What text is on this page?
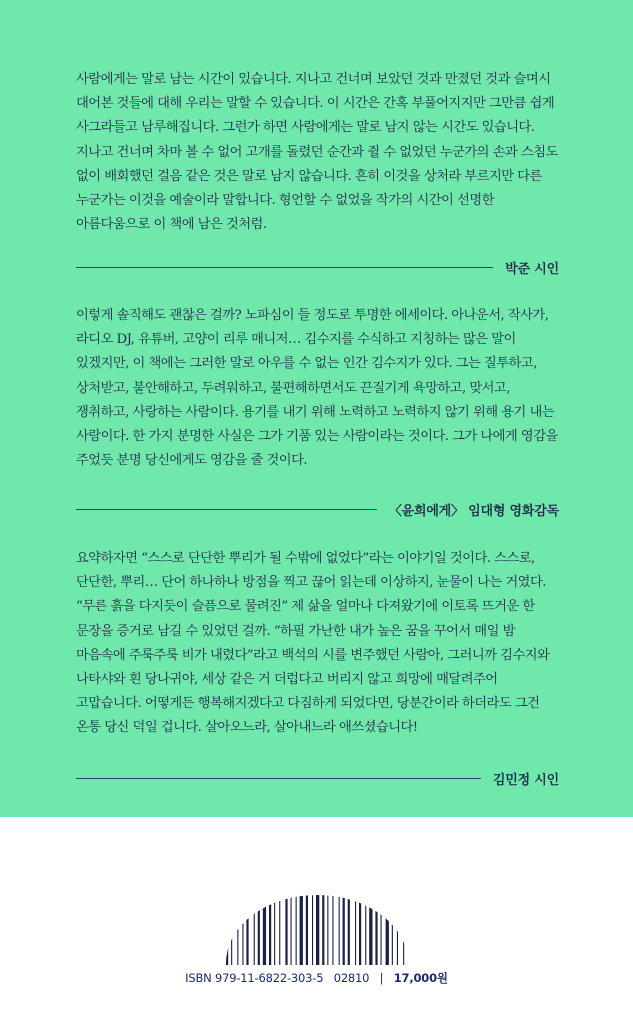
사람에게는 말로 남는 시간이 있습니다. 지나고 건너며 보았던 것과 만졌던 것과 슬며시 대어본 것들에 대해 우리는 말할 수 있습니다. 이 시간은 간혹 부풀어지지만 그만큼 쉽게 사그라들고 남루해집니다. 그런가 하면 사람에게는 말로 남지 않는 시간도 있습니다. 지나고 건너며 차마 볼 수 없어 고개를 돌렸던 순간과 쥘 수 없었던 누군가의 손과 스침도 없이 배회했던 걸음 같은 것은 말로 남지 않습니다. 흔히 이것을 상처라 부르지만 다른 누군가는 이것을 예술이라 말합니다. 형언할 수 없었을 작가의 시간이 선명한 아름다움으로 이 책에 남은 것처럼.

박준 시인

이렇게 솔직해도 괜찮은 걸까? 노파심이 들 정도로 투명한 에세이다. 아나운서, 작사가, 라디오 DJ, 유튜버, 고양이 리루 매니저… 김수지를 수식하고 지칭하는 많은 말이 있겠지만, 이 책에는 그러한 말로 아우를 수 없는 인간 김수지가 있다. 그는 질투하고, 상처받고, 불안해하고, 두려워하고, 불편해하면서도 끈질기게 욕망하고, 맞서고, 쟁취하고, 사랑하는 사람이다. 용기를 내기 위해 노력하고 노력하지 않기 위해 용기 내는 사람이다. 한 가지 분명한 사실은 그가 기품 있는 사람이라는 것이다. 그가 나에게 영감을 주었듯 분명 당신에게도 영감을 줄 것이다.

〈윤희에게〉 임대형 영화감독

요약하자면 “스스로 단단한 뿌리가 될 수밖에 없었다”라는 이야기일 것이다. 스스로, 단단한, 뿌리… 단어 하나하나 방점을 찍고 끊어 읽는데 이상하지, 눈물이 나는 거였다. “무른 흙을 다지듯이 슬픔으로 물려진” 제 삶을 얼마나 다져왔기에 이토록 뜨거운 한 문장을 증거로 남길 수 있었던 걸까. “하필 가난한 내가 높은 꿈을 꾸어서 매일 밤 마음속에 주룩주룩 비가 내렸다”라고 백석의 시를 변주했던 사람아, 그러니까 김수지와 나타샤와 흰 당나귀야, 세상 같은 거 더럽다고 버리지 않고 희망에 매달려주어 고맙습니다. 어떻게든 행복해지겠다고 다짐하게 되었다면, 당분간이라 하더라도 그건 온통 당신 덕일 겁니다. 살아오느라, 살아내느라 애쓰셨습니다!

김민정 시인
ISBN 979-11-6822-303-5 02810 | 17,000원
